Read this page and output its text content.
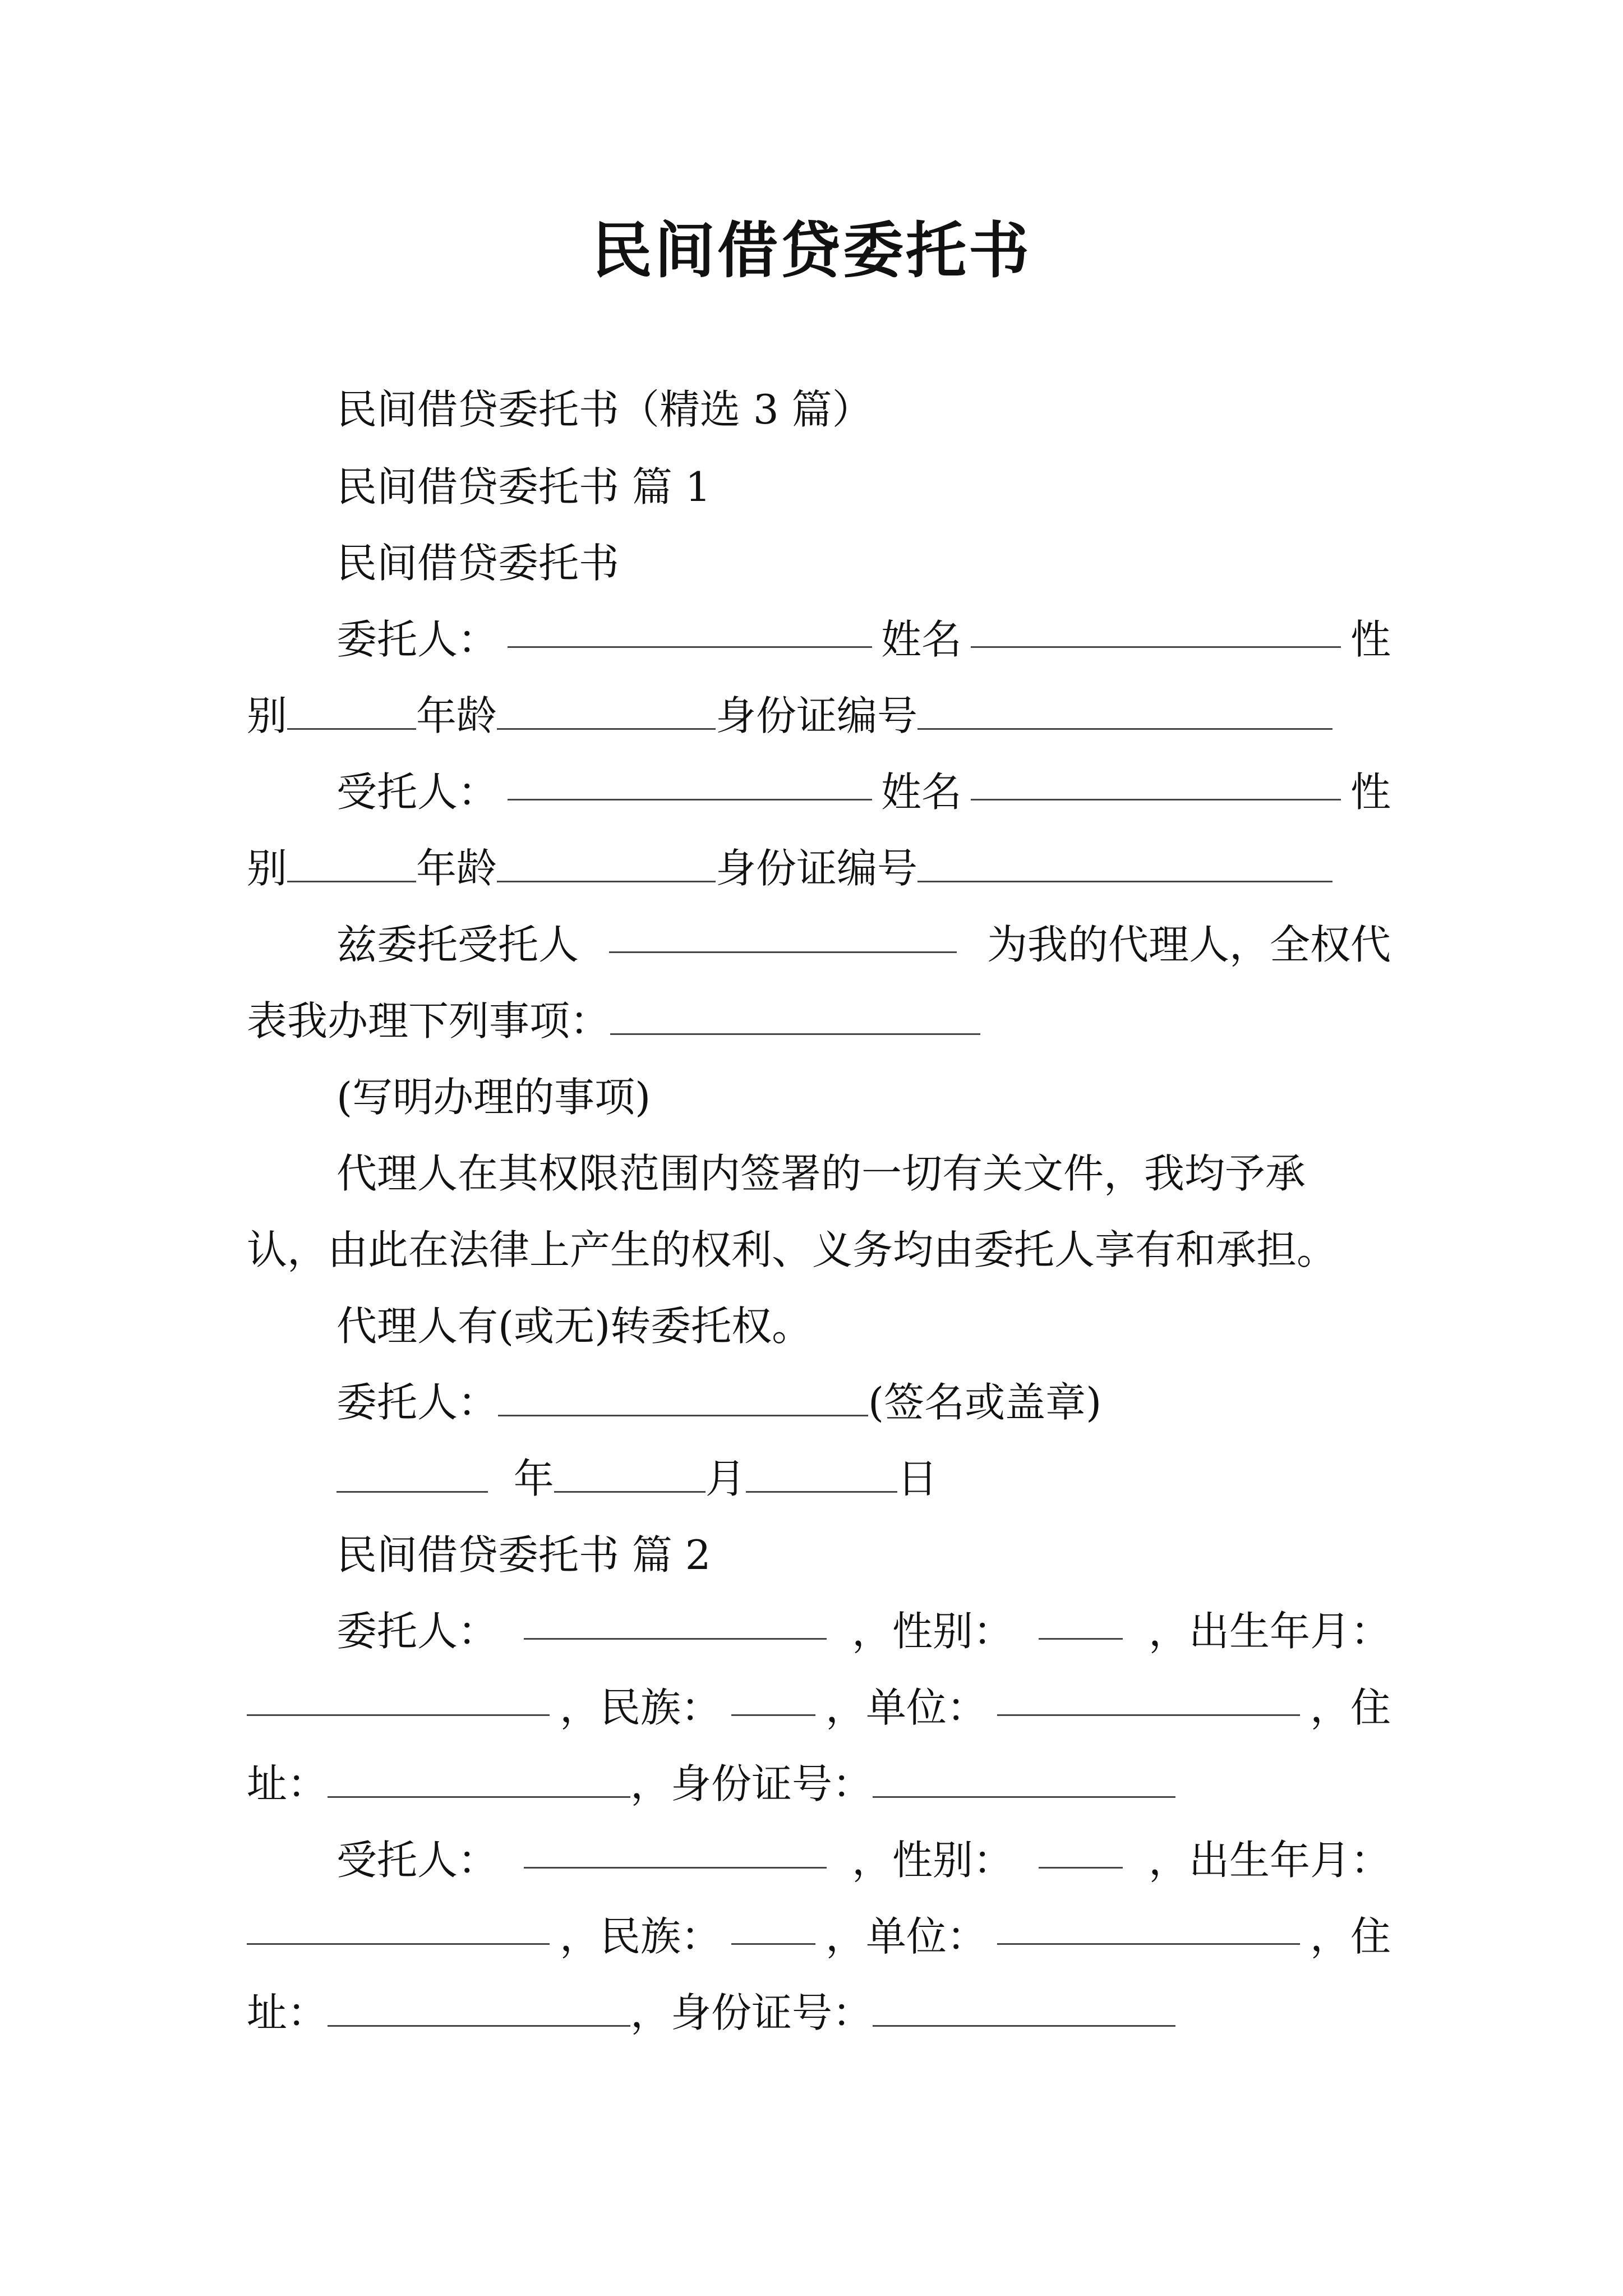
民间借贷委托书
民间借贷委托书（精选 3 篇）
民间借贷委托书 篇 1
民间借贷委托书
委托人：	姓名	性
别	年龄	身份证编号
受托人：	姓名	性
别	年龄	身份证编号
兹委托受托人	为我的代理人，全权代
表我办理下列事项：
(写明办理的事项)
代理人在其权限范围内签署的一切有关文件，我均予承
认，由此在法律上产生的权利、义务均由委托人享有和承担。
代理人有(或无)转委托权。
委托人：	(签名或盖章)
年	月	日
民间借贷委托书 篇 2
委托人：	，性别：	，出生年月：
，民族：	，单位：	，住
址：	，身份证号：
受托人：	，性别：	，出生年月：
，民族：	，单位：	，住
址：	，身份证号：
